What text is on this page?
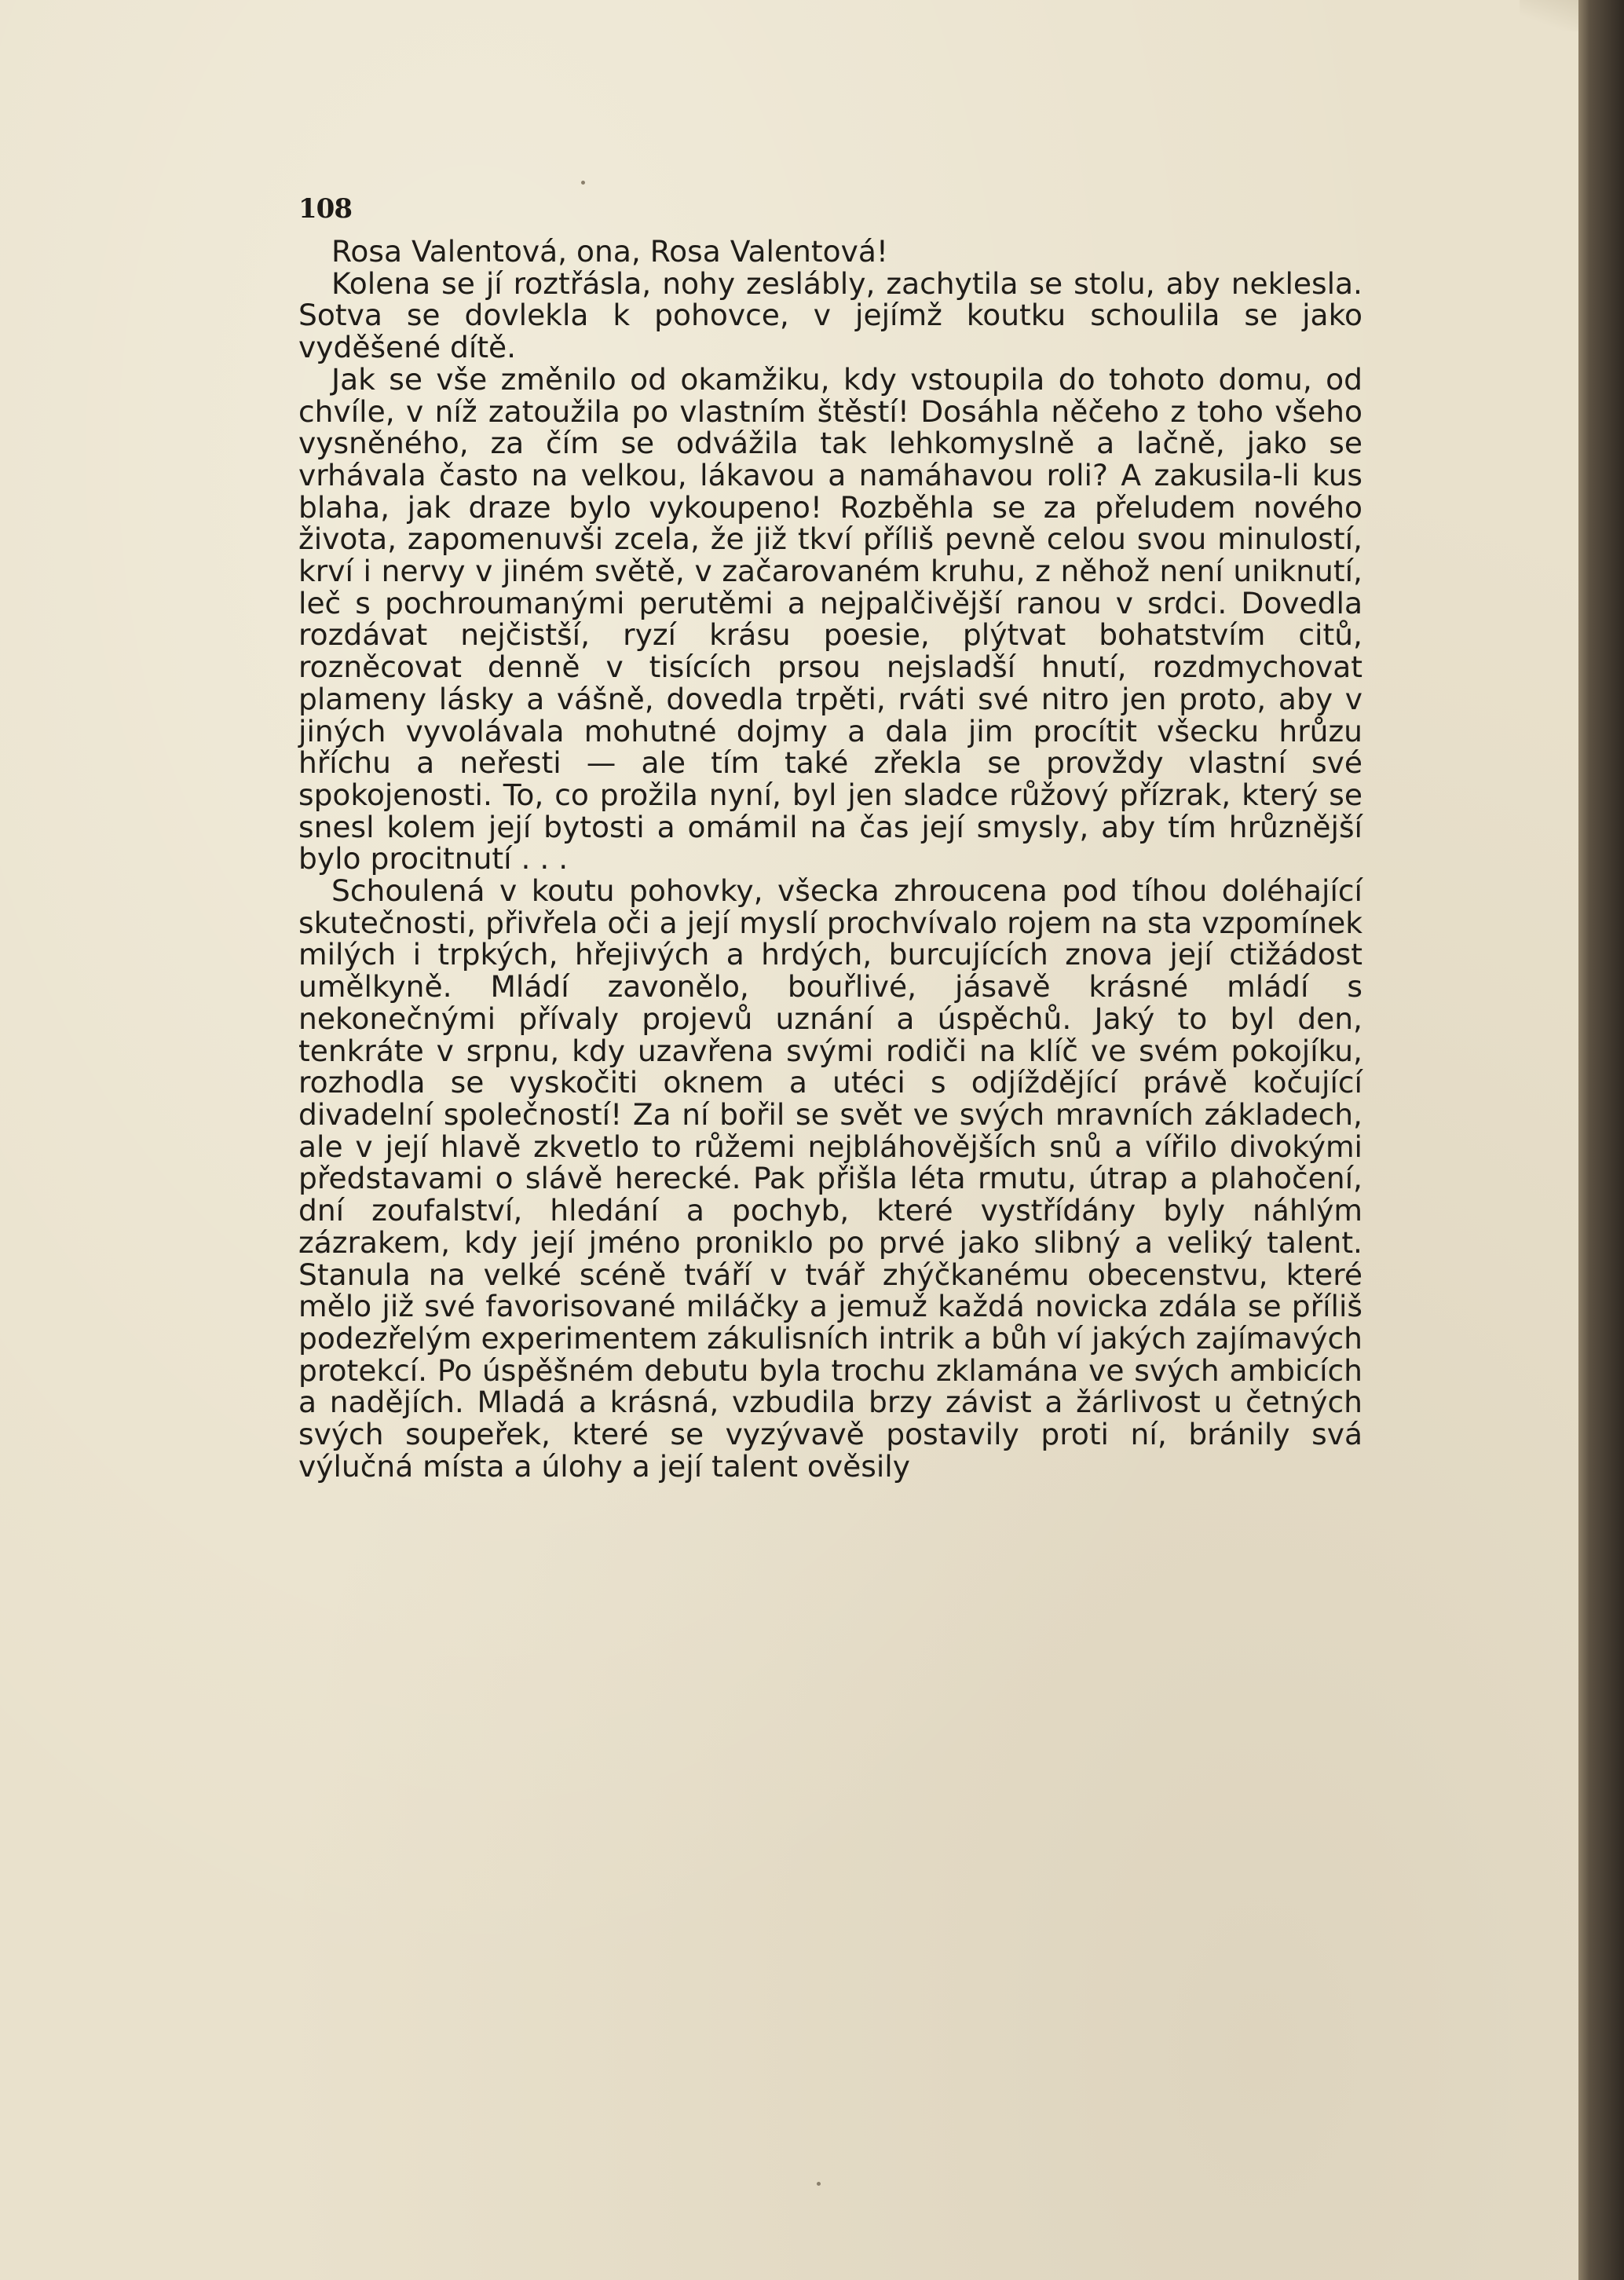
108

Rosa Valentová, ona, Rosa Valentová!

Kolena se jí roztřásla, nohy zeslábly, zachytila se stolu, aby neklesla. Sotva se dovlekla k pohovce, v jejímž koutku schoulila se jako vyděšené dítě.

Jak se vše změnilo od okamžiku, kdy vstoupila do tohoto domu, od chvíle, v níž zatoužila po vlastním štěstí! Dosáhla něčeho z toho všeho vysněného, za čím se odvážila tak lehkomyslně a lačně, jako se vrhávala často na velkou, lákavou a namáhavou roli? A zakusila-li kus blaha, jak draze bylo vykoupeno! Rozběhla se za přeludem nového života, zapomenuvši zcela, že již tkví příliš pevně celou svou minulostí, krví i nervy v jiném světě, v začarovaném kruhu, z něhož není uniknutí, leč s pochroumanými perutěmi a nejpalčivější ranou v srdci. Dovedla rozdávat nejčistší, ryzí krásu poesie, plýtvat bohatstvím citů, rozněcovat denně v tisících prsou nejsladší hnutí, rozdmychovat plameny lásky a vášně, dovedla trpěti, rváti své nitro jen proto, aby v jiných vyvolávala mohutné dojmy a dala jim procítit všecku hrůzu hříchu a neřesti — ale tím také zřekla se provždy vlastní své spokojenosti. To, co prožila nyní, byl jen sladce růžový přízrak, který se snesl kolem její bytosti a omámil na čas její smysly, aby tím hrůznější bylo procitnutí . . .

Schoulená v koutu pohovky, všecka zhroucena pod tíhou doléhající skutečnosti, přivřela oči a její myslí prochvívalo rojem na sta vzpomínek milých i trpkých, hřejivých a hrdých, burcujících znova její ctižádost umělkyně. Mládí zavonělo, bouřlivé, jásavě krásné mládí s nekonečnými přívaly projevů uznání a úspěchů. Jaký to byl den, tenkráte v srpnu, kdy uzavřena svými rodiči na klíč ve svém pokojíku, rozhodla se vyskočiti oknem a utéci s odjíždějící právě kočující divadelní společností! Za ní bořil se svět ve svých mravních základech, ale v její hlavě zkvetlo to růžemi nejbláhovějších snů a vířilo divokými představami o slávě herecké. Pak přišla léta rmutu, útrap a plahočení, dní zoufalství, hledání a pochyb, které vystřídány byly náhlým zázrakem, kdy její jméno proniklo po prvé jako slibný a veliký talent. Stanula na velké scéně tváří v tvář zhýčkanému obecenstvu, které mělo již své favorisované miláčky a jemuž každá novicka zdála se příliš podezřelým experimentem zákulisních intrik a bůh ví jakých zajímavých protekcí. Po úspěšném debutu byla trochu zklamána ve svých ambicích a nadějích. Mladá a krásná, vzbudila brzy závist a žárlivost u četných svých soupeřek, které se vyzývavě postavily proti ní, bránily svá výlučná místa a úlohy a její talent ověsily
